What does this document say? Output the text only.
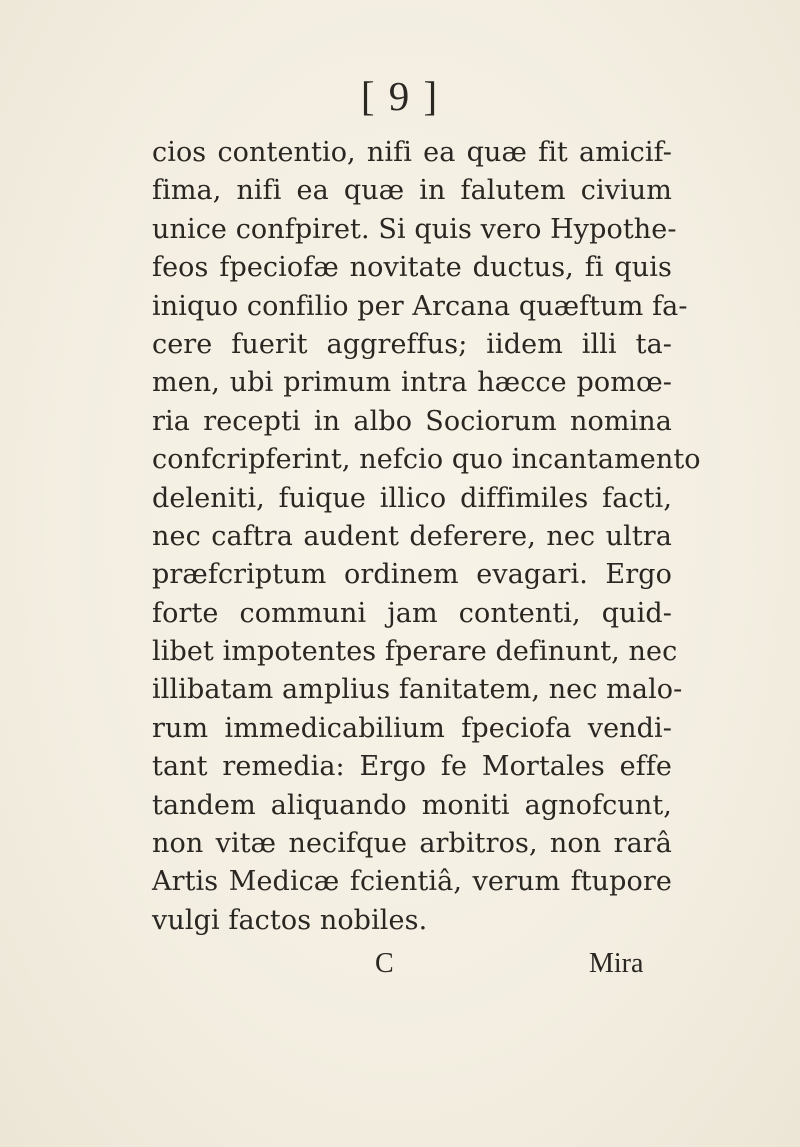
[ 9 ]
cios contentio, nifi ea quæ fit amicif-
fima, nifi ea quæ in falutem civium
unice confpiret. Si quis vero Hypothe-
feos fpeciofæ novitate ductus, fi quis
iniquo confilio per Arcana quæftum fa-
cere fuerit aggreffus; iidem illi ta-
men, ubi primum intra hæcce pomœ-
ria recepti in albo Sociorum nomina
confcripferint, nefcio quo incantamento
deleniti, fuique illico diffimiles facti,
nec caftra audent deferere, nec ultra
præfcriptum ordinem evagari. Ergo
forte communi jam contenti, quid-
libet impotentes fperare definunt, nec
illibatam amplius fanitatem, nec malo-
rum immedicabilium fpeciofa vendi-
tant remedia: Ergo fe Mortales effe
tandem aliquando moniti agnofcunt,
non vitæ necifque arbitros, non rarâ
Artis Medicæ fcientiâ, verum ftupore
vulgi factos nobiles.
C	Mira
